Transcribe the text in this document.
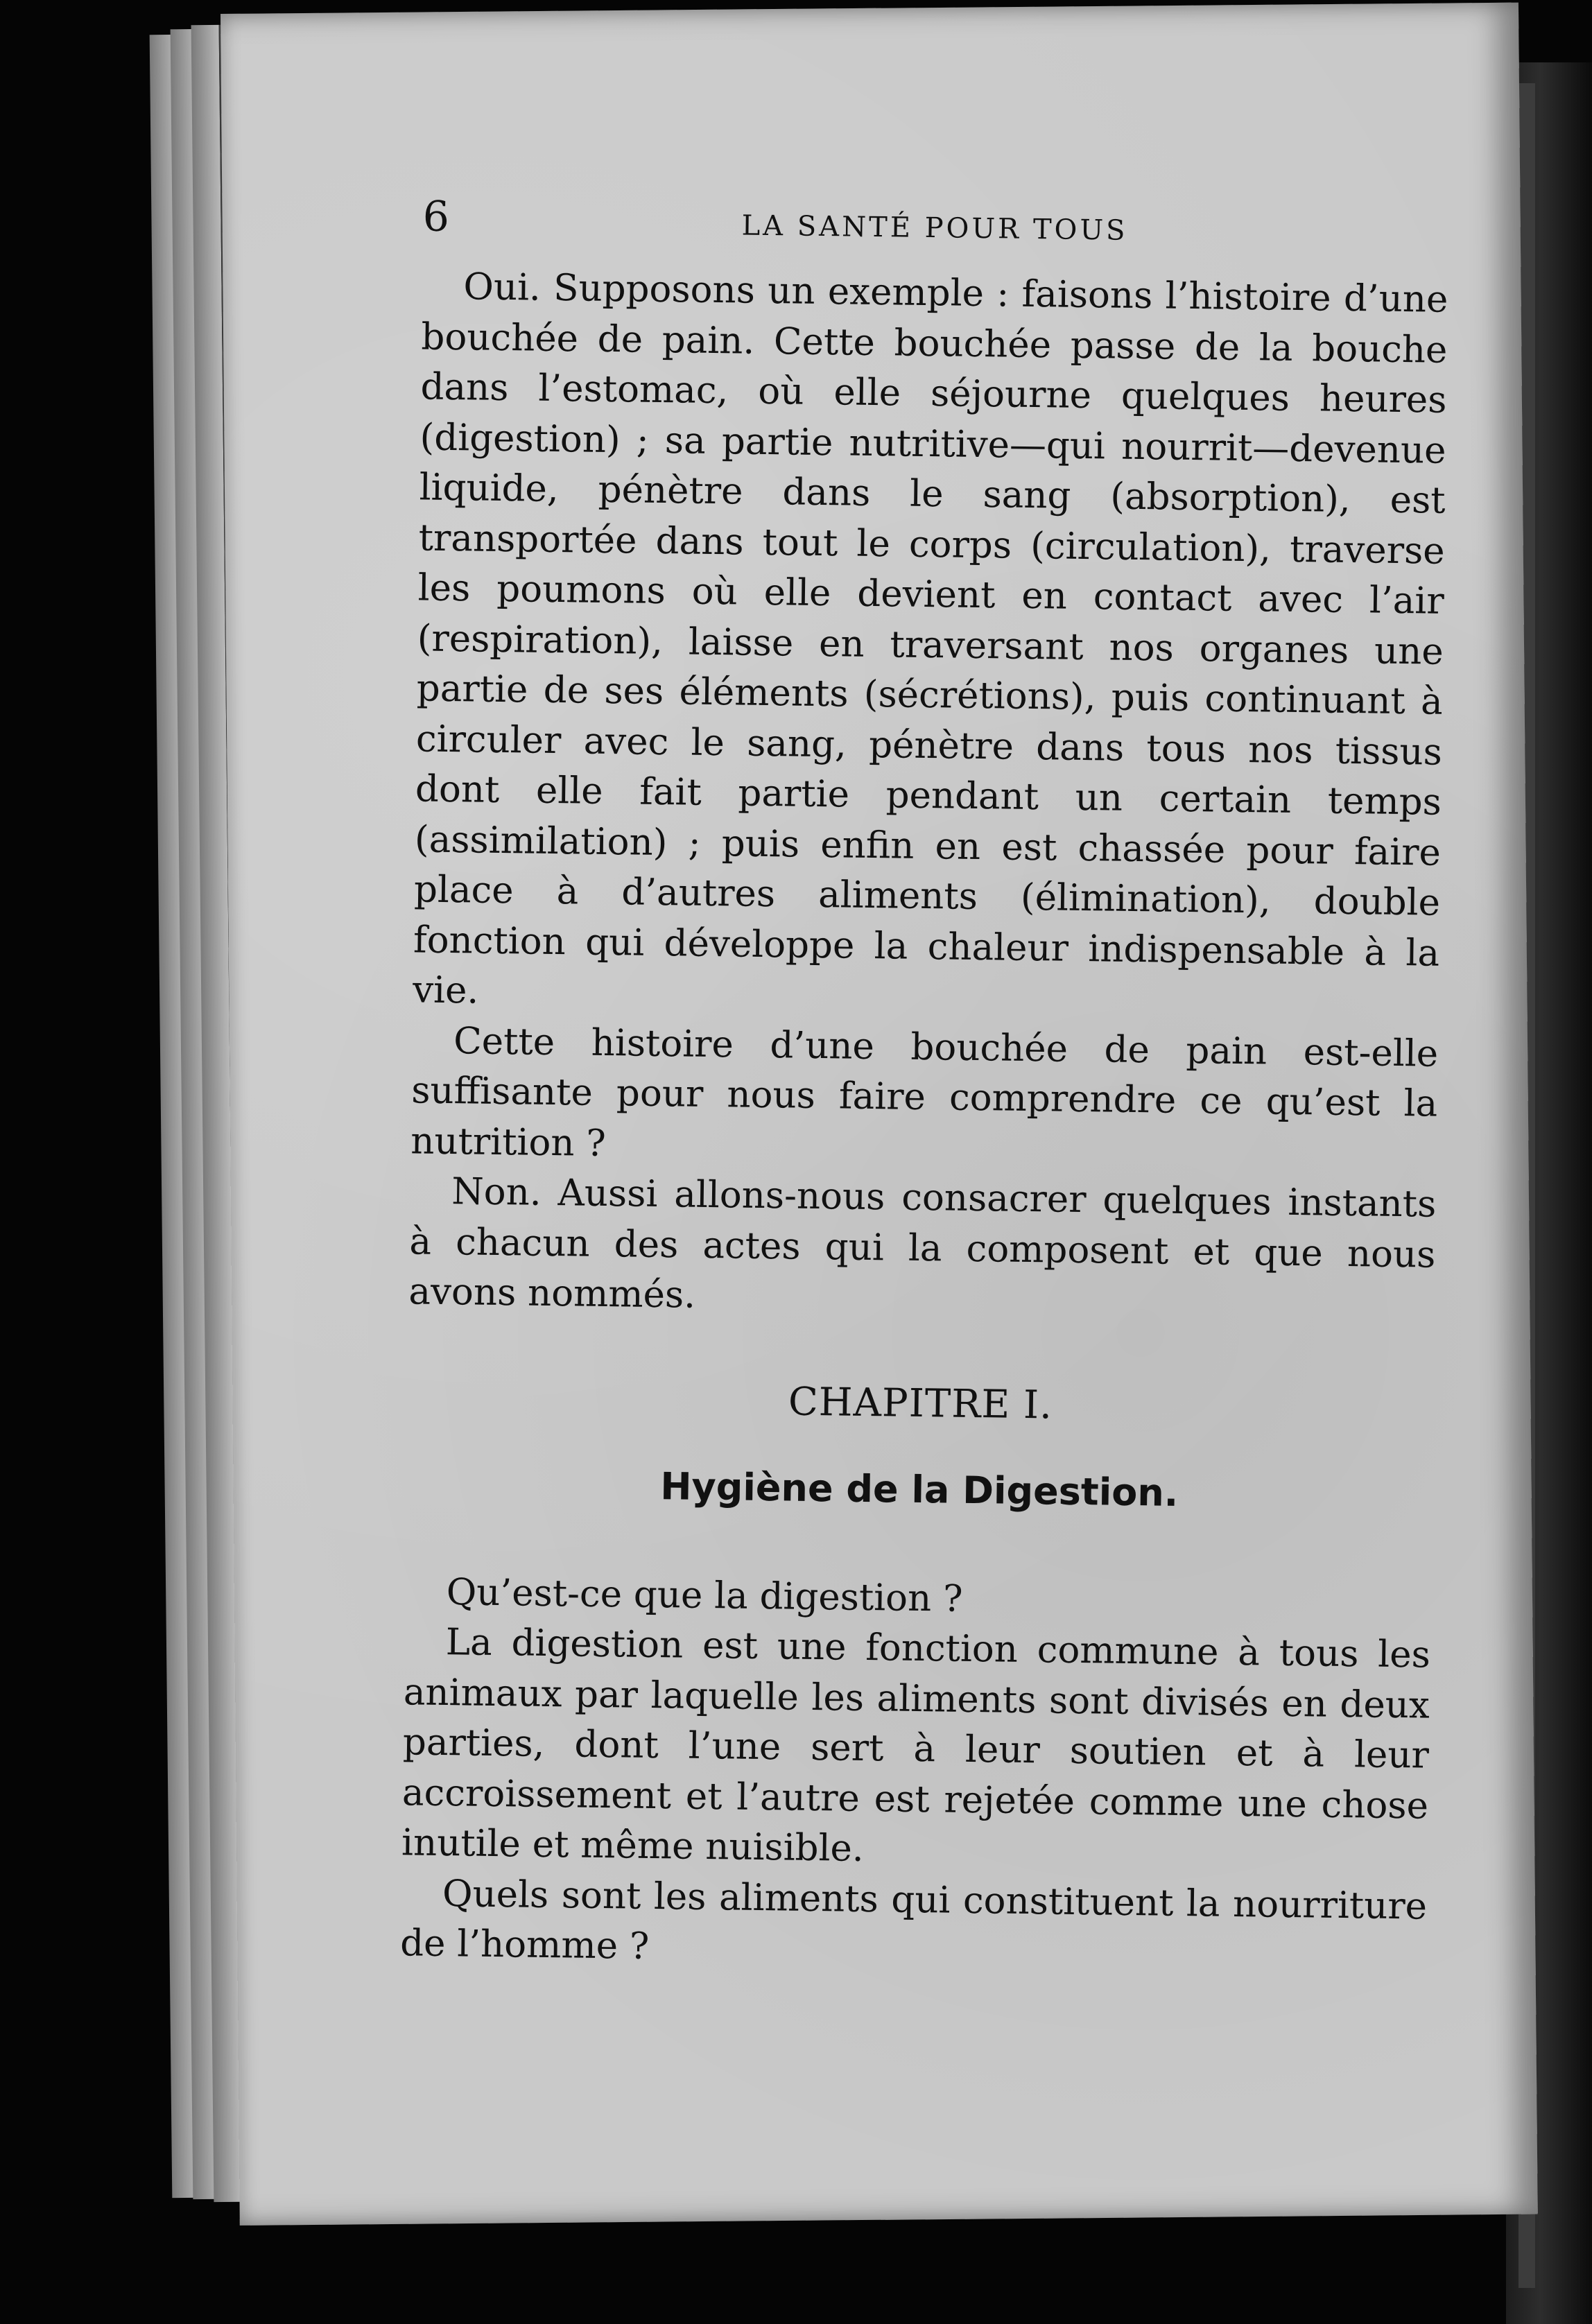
6	LA SANTÉ POUR TOUS

Oui. Supposons un exemple : faisons l’histoire d’une bouchée de pain. Cette bouchée passe de la bouche dans l’estomac, où elle séjourne quelques heures (digestion) ; sa partie nutritive—qui nourrit—devenue liquide, pénètre dans le sang (absorption), est transportée dans tout le corps (circulation), traverse les poumons où elle devient en contact avec l’air (respiration), laisse en traversant nos organes une partie de ses éléments (sécrétions), puis continuant à circuler avec le sang, pénètre dans tous nos tissus dont elle fait partie pendant un certain temps (assimilation) ; puis enfin en est chassée pour faire place à d’autres aliments (élimination), double fonction qui développe la chaleur indispensable à la vie.

Cette histoire d’une bouchée de pain est-elle suffisante pour nous faire comprendre ce qu’est la nutrition ?

Non. Aussi allons-nous consacrer quelques instants à chacun des actes qui la composent et que nous avons nommés.

CHAPITRE I.
Hygiène de la Digestion.

Qu’est-ce que la digestion ?

La digestion est une fonction commune à tous les animaux par laquelle les aliments sont divisés en deux parties, dont l’une sert à leur soutien et à leur accroissement et l’autre est rejetée comme une chose inutile et même nuisible.

Quels sont les aliments qui constituent la nourriture de l’homme ?
